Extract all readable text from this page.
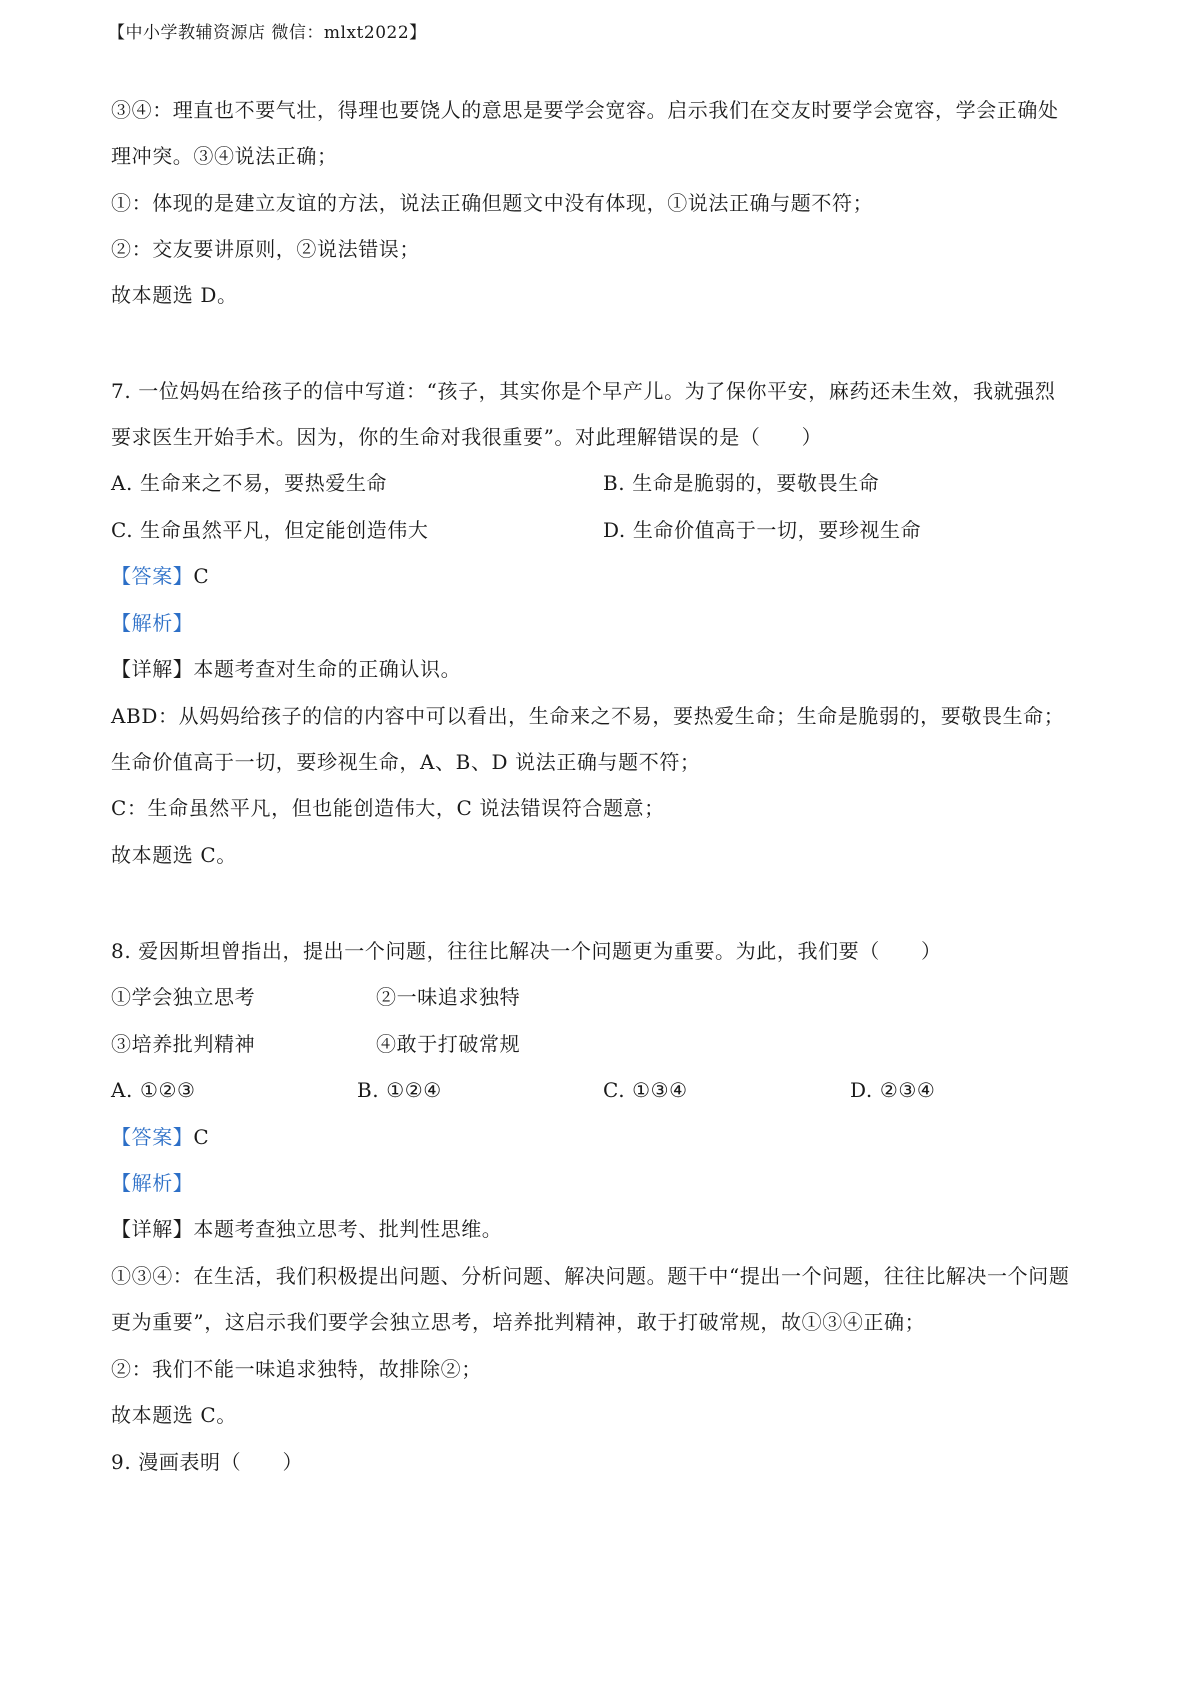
【中小学教辅资源店 微信：mlxt2022】
③④：理直也不要气壮，得理也要饶人的意思是要学会宽容。启示我们在交友时要学会宽容，学会正确处
理冲突。③④说法正确；
①：体现的是建立友谊的方法，说法正确但题文中没有体现，①说法正确与题不符；
②：交友要讲原则，②说法错误；
故本题选 D。
7. 一位妈妈在给孩子的信中写道：“孩子，其实你是个早产儿。为了保你平安，麻药还未生效，我就强烈
要求医生开始手术。因为，你的生命对我很重要”。对此理解错误的是（　　）
A. 生命来之不易，要热爱生命	B. 生命是脆弱的，要敬畏生命
C. 生命虽然平凡，但定能创造伟大	D. 生命价值高于一切，要珍视生命
【答案】C
【解析】
【详解】本题考查对生命的正确认识。
ABD：从妈妈给孩子的信的内容中可以看出，生命来之不易，要热爱生命；生命是脆弱的，要敬畏生命；
生命价值高于一切，要珍视生命，A、B、D 说法正确与题不符；
C：生命虽然平凡，但也能创造伟大，C 说法错误符合题意；
故本题选 C。
8. 爱因斯坦曾指出，提出一个问题，往往比解决一个问题更为重要。为此，我们要（　　）
①学会独立思考	②一味追求独特
③培养批判精神	④敢于打破常规
A. ①②③	B. ①②④	C. ①③④	D. ②③④
【答案】C
【解析】
【详解】本题考查独立思考、批判性思维。
①③④：在生活，我们积极提出问题、分析问题、解决问题。题干中“提出一个问题，往往比解决一个问题
更为重要”，这启示我们要学会独立思考，培养批判精神，敢于打破常规，故①③④正确；
②：我们不能一味追求独特，故排除②；
故本题选 C。
9. 漫画表明（　　）
